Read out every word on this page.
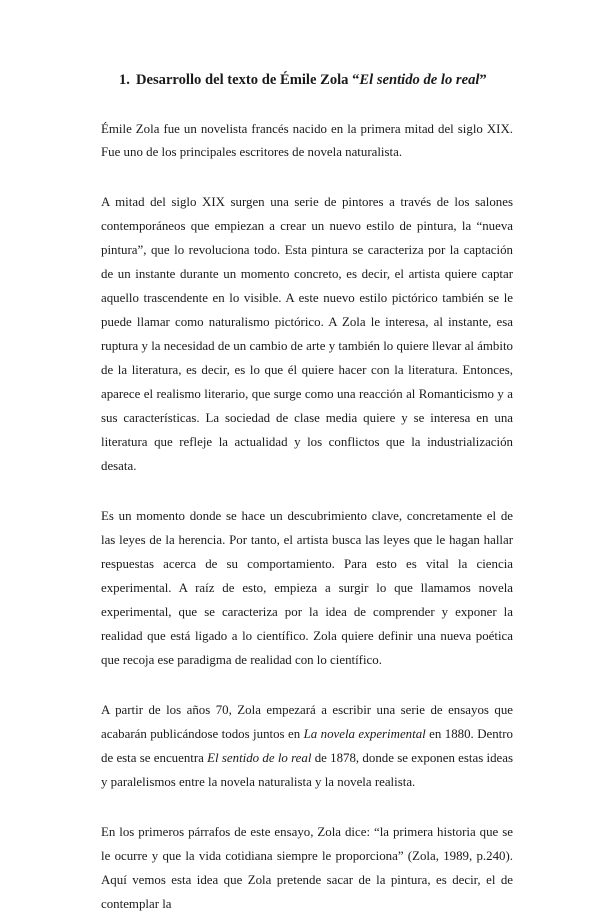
1. Desarrollo del texto de Émile Zola “El sentido de lo real”

Émile Zola fue un novelista francés nacido en la primera mitad del siglo XIX. Fue uno de los principales escritores de novela naturalista.

A mitad del siglo XIX surgen una serie de pintores a través de los salones contemporáneos que empiezan a crear un nuevo estilo de pintura, la “nueva pintura”, que lo revoluciona todo. Esta pintura se caracteriza por la captación de un instante durante un momento concreto, es decir, el artista quiere captar aquello trascendente en lo visible. A este nuevo estilo pictórico también se le puede llamar como naturalismo pictórico. A Zola le interesa, al instante, esa ruptura y la necesidad de un cambio de arte y también lo quiere llevar al ámbito de la literatura, es decir, es lo que él quiere hacer con la literatura. Entonces, aparece el realismo literario, que surge como una reacción al Romanticismo y a sus características. La sociedad de clase media quiere y se interesa en una literatura que refleje la actualidad y los conflictos que la industrialización desata.

Es un momento donde se hace un descubrimiento clave, concretamente el de las leyes de la herencia. Por tanto, el artista busca las leyes que le hagan hallar respuestas acerca de su comportamiento. Para esto es vital la ciencia experimental. A raíz de esto, empieza a surgir lo que llamamos novela experimental, que se caracteriza por la idea de comprender y exponer la realidad que está ligado a lo científico. Zola quiere definir una nueva poética que recoja ese paradigma de realidad con lo científico.

A partir de los años 70, Zola empezará a escribir una serie de ensayos que acabarán publicándose todos juntos en La novela experimental en 1880. Dentro de esta se encuentra El sentido de lo real de 1878, donde se exponen estas ideas y paralelismos entre la novela naturalista y la novela realista.

En los primeros párrafos de este ensayo, Zola dice: “la primera historia que se le ocurre y que la vida cotidiana siempre le proporciona” (Zola, 1989, p.240). Aquí vemos esta idea que Zola pretende sacar de la pintura, es decir, el de contemplar la
